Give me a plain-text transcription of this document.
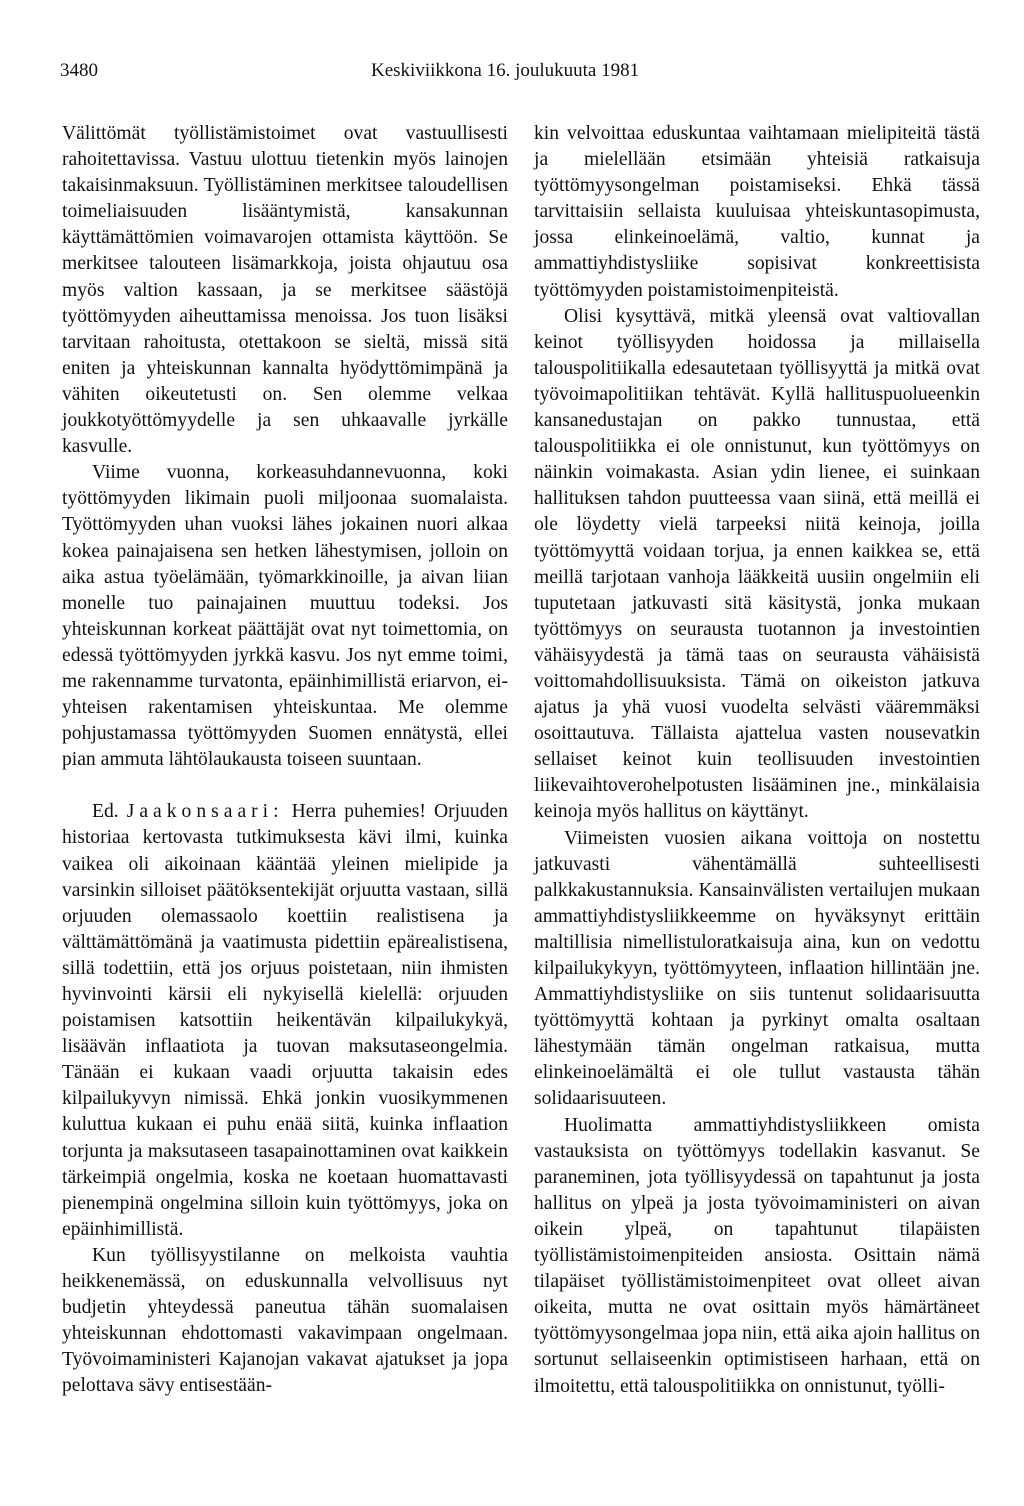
3480	Keskiviikkona 16. joulukuuta 1981

Välittömät työllistämistoimet ovat vastuullisesti rahoitettavissa. Vastuu ulottuu tietenkin myös lainojen takaisinmaksuun. Työllistäminen merkitsee taloudellisen toimeliaisuuden lisääntymistä, kansakunnan käyttämättömien voimavarojen ottamista käyttöön. Se merkitsee talouteen lisämarkkoja, joista ohjautuu osa myös valtion kassaan, ja se merkitsee säästöjä työttömyyden aiheuttamissa menoissa. Jos tuon lisäksi tarvitaan rahoitusta, otettakoon se sieltä, missä sitä eniten ja yhteiskunnan kannalta hyödyttömimpänä ja vähiten oikeutetusti on. Sen olemme velkaa joukkotyöttömyydelle ja sen uhkaavalle jyrkälle kasvulle.

Viime vuonna, korkeasuhdannevuonna, koki työttömyyden likimain puoli miljoonaa suomalaista. Työttömyyden uhan vuoksi lähes jokainen nuori alkaa kokea painajaisena sen hetken lähestymisen, jolloin on aika astua työelämään, työmarkkinoille, ja aivan liian monelle tuo painajainen muuttuu todeksi. Jos yhteiskunnan korkeat päättäjät ovat nyt toimettomia, on edessä työttömyyden jyrkkä kasvu. Jos nyt emme toimi, me rakennamme turvatonta, epäinhimillistä eriarvon, ei-yhteisen rakentamisen yhteiskuntaa. Me olemme pohjustamassa työttömyyden Suomen ennätystä, ellei pian ammuta lähtölaukausta toiseen suuntaan.

Ed. Jaakonsaari: Herra puhemies! Orjuuden historiaa kertovasta tutkimuksesta kävi ilmi, kuinka vaikea oli aikoinaan kääntää yleinen mielipide ja varsinkin silloiset päätöksentekijät orjuutta vastaan, sillä orjuuden olemassaolo koettiin realistisena ja välttämättömänä ja vaatimusta pidettiin epärealistisena, sillä todettiin, että jos orjuus poistetaan, niin ihmisten hyvinvointi kärsii eli nykyisellä kielellä: orjuuden poistamisen katsottiin heikentävän kilpailukykyä, lisäävän inflaatiota ja tuovan maksutaseongelmia. Tänään ei kukaan vaadi orjuutta takaisin edes kilpailukyvyn nimissä. Ehkä jonkin vuosikymmenen kuluttua kukaan ei puhu enää siitä, kuinka inflaation torjunta ja maksutaseen tasapainottaminen ovat kaikkein tärkeimpiä ongelmia, koska ne koetaan huomattavasti pienempinä ongelmina silloin kuin työttömyys, joka on epäinhimillistä.

Kun työllisyystilanne on melkoista vauhtia heikkenemässä, on eduskunnalla velvollisuus nyt budjetin yhteydessä paneutua tähän suomalaisen yhteiskunnan ehdottomasti vakavimpaan ongelmaan. Työvoimaministeri Kajanojan vakavat ajatukset ja jopa pelottava sävy entisestään-

kin velvoittaa eduskuntaa vaihtamaan mielipiteitä tästä ja mielellään etsimään yhteisiä ratkaisuja työttömyysongelman poistamiseksi. Ehkä tässä tarvittaisiin sellaista kuuluisaa yhteiskuntasopimusta, jossa elinkeinoelämä, valtio, kunnat ja ammattiyhdistysliike sopisivat konkreettisista työttömyyden poistamistoimenpiteistä.

Olisi kysyttävä, mitkä yleensä ovat valtiovallan keinot työllisyyden hoidossa ja millaisella talouspolitiikalla edesautetaan työllisyyttä ja mitkä ovat työvoimapolitiikan tehtävät. Kyllä hallituspuolueenkin kansanedustajan on pakko tunnustaa, että talouspolitiikka ei ole onnistunut, kun työttömyys on näinkin voimakasta. Asian ydin lienee, ei suinkaan hallituksen tahdon puutteessa vaan siinä, että meillä ei ole löydetty vielä tarpeeksi niitä keinoja, joilla työttömyyttä voidaan torjua, ja ennen kaikkea se, että meillä tarjotaan vanhoja lääkkeitä uusiin ongelmiin eli tuputetaan jatkuvasti sitä käsitystä, jonka mukaan työttömyys on seurausta tuotannon ja investointien vähäisyydestä ja tämä taas on seurausta vähäisistä voittomahdollisuuksista. Tämä on oikeiston jatkuva ajatus ja yhä vuosi vuodelta selvästi vääremmäksi osoittautuva. Tällaista ajattelua vasten nousevatkin sellaiset keinot kuin teollisuuden investointien liikevaihtoverohelpotusten lisääminen jne., minkälaisia keinoja myös hallitus on käyttänyt.

Viimeisten vuosien aikana voittoja on nostettu jatkuvasti vähentämällä suhteellisesti palkkakustannuksia. Kansainvälisten vertailujen mukaan ammattiyhdistysliikkeemme on hyväksynyt erittäin maltillisia nimellistuloratkaisuja aina, kun on vedottu kilpailukykyyn, työttömyyteen, inflaation hillintään jne. Ammattiyhdistysliike on siis tuntenut solidaarisuutta työttömyyttä kohtaan ja pyrkinyt omalta osaltaan lähestymään tämän ongelman ratkaisua, mutta elinkeinoelämältä ei ole tullut vastausta tähän solidaarisuuteen.

Huolimatta ammattiyhdistysliikkeen omista vastauksista on työttömyys todellakin kasvanut. Se paraneminen, jota työllisyydessä on tapahtunut ja josta hallitus on ylpeä ja josta työvoimaministeri on aivan oikein ylpeä, on tapahtunut tilapäisten työllistämistoimenpiteiden ansiosta. Osittain nämä tilapäiset työllistämistoimenpiteet ovat olleet aivan oikeita, mutta ne ovat osittain myös hämärtäneet työttömyysongelmaa jopa niin, että aika ajoin hallitus on sortunut sellaiseenkin optimistiseen harhaan, että on ilmoitettu, että talouspolitiikka on onnistunut, työlli-
